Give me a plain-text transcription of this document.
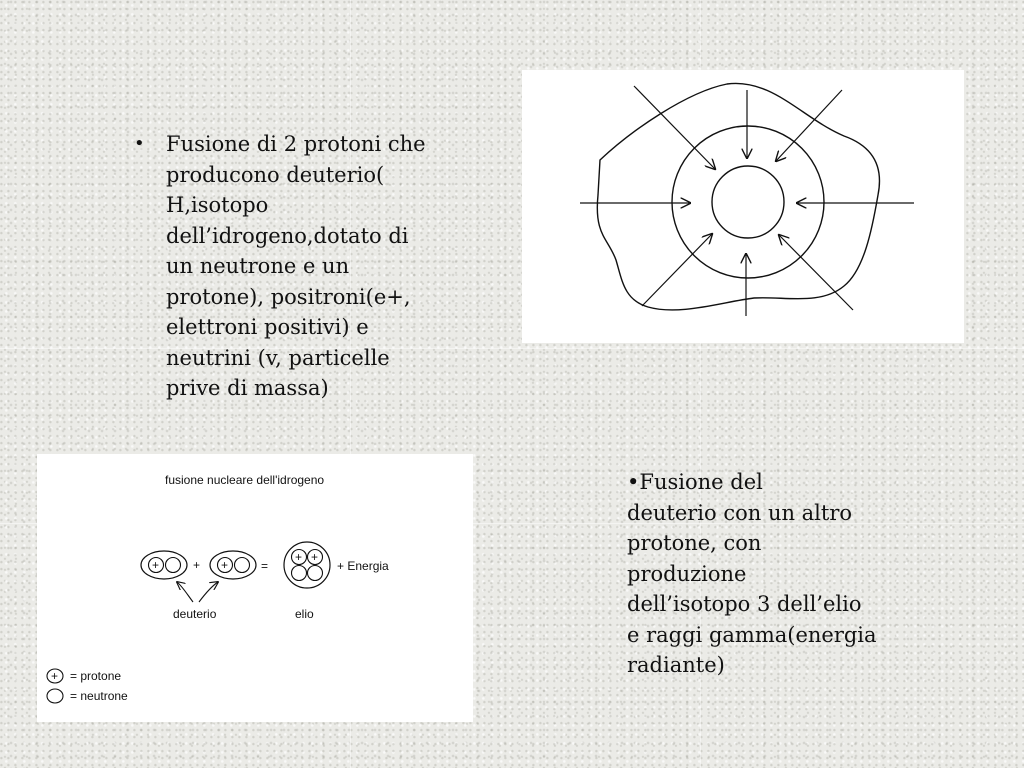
• Fusione di 2 protoni che
producono deuterio(
H,isotopo
dell’idrogeno,dotato di
un neutrone e un
protone), positroni(e+,
elettroni positivi) e
neutrini (v, particelle
prive di massa)
•Fusione del
deuterio con un altro
protone, con
produzione
dell’isotopo 3 dell’elio
e raggi gamma(energia
radiante)
fusione nucleare dell'idrogeno
+	+ +	=
+ +
+ Energia
deuterio	elio
+ = protone
= neutrone
